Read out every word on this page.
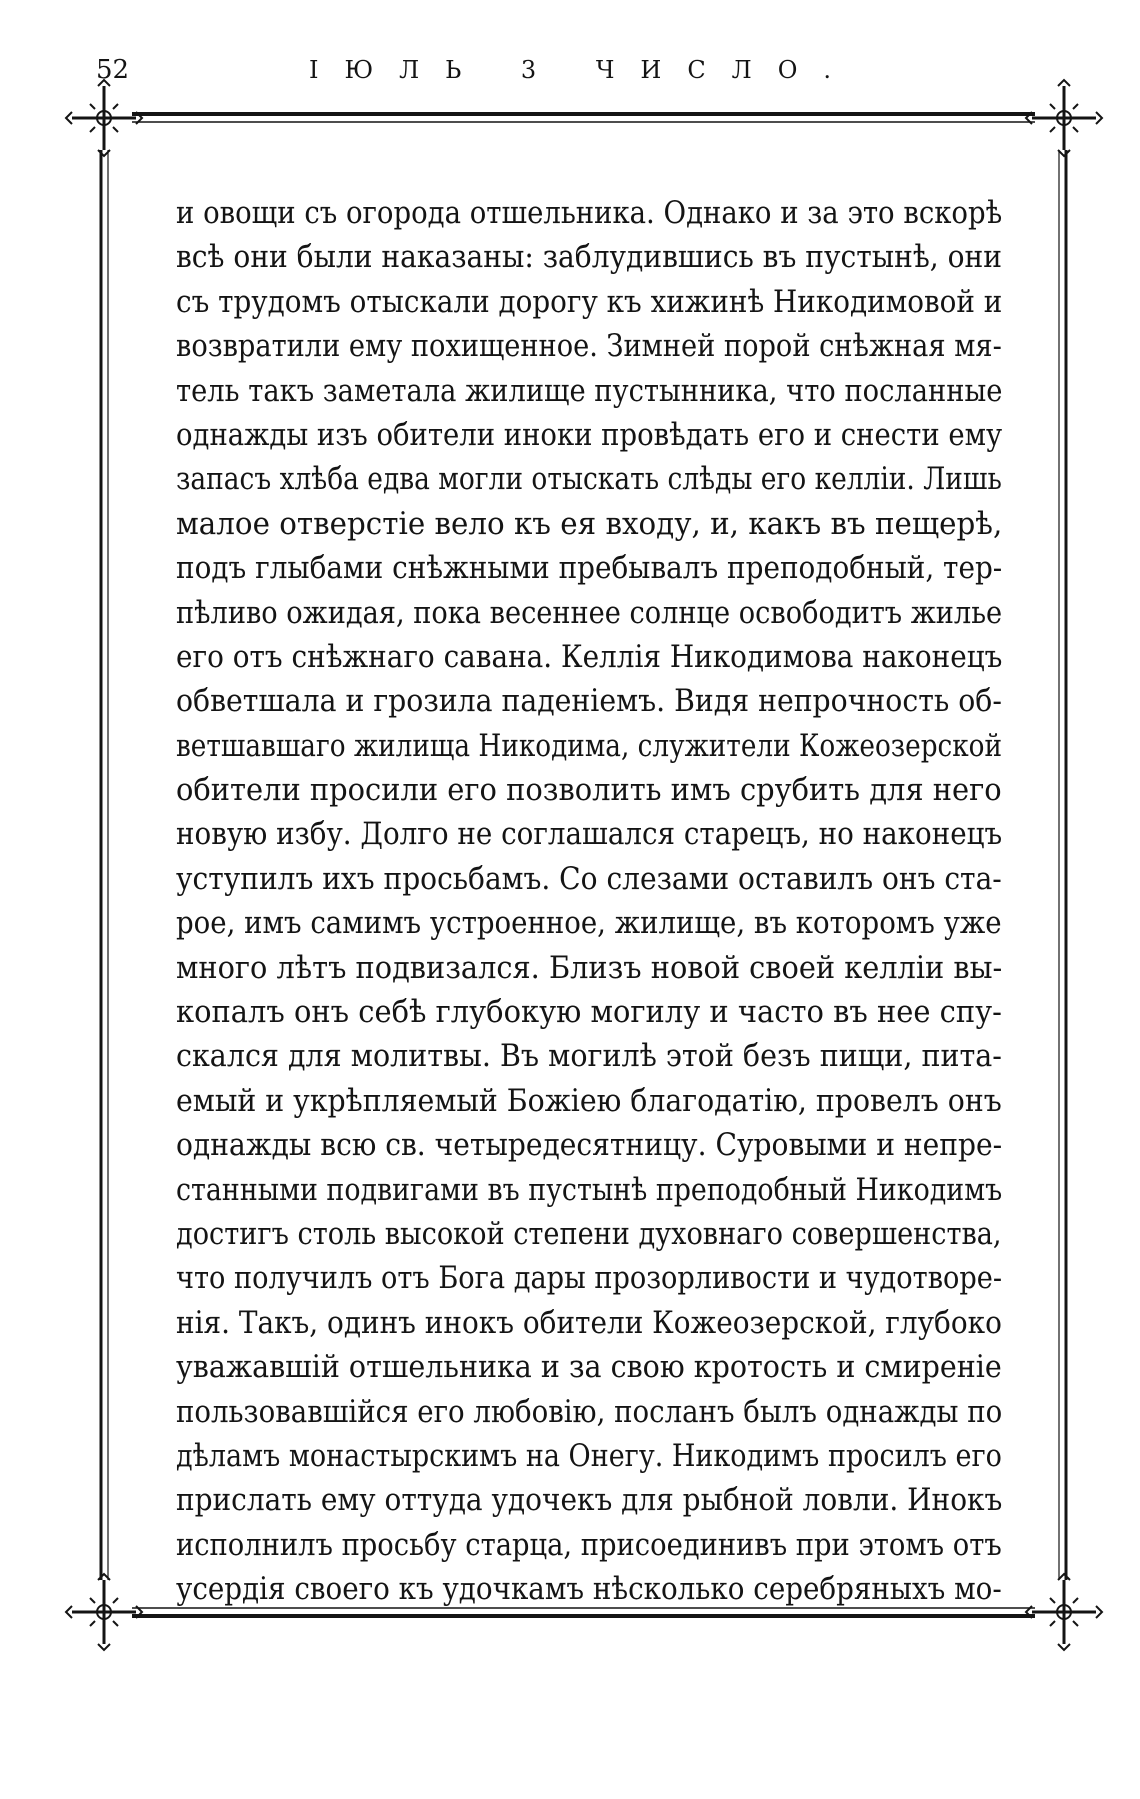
52	ІЮЛЬ 3 ЧИСЛО.
и овощи съ огорода отшельника. Однако и за это вскорѣ
всѣ они были наказаны: заблудившись въ пустынѣ, они
съ трудомъ отыскали дорогу къ хижинѣ Никодимовой и
возвратили ему похищенное. Зимней порой снѣжная мя-
тель такъ заметала жилище пустынника, что посланные
однажды изъ обители иноки провѣдать его и снести ему
запасъ хлѣба едва могли отыскать слѣды его келліи. Лишь
малое отверстіе вело къ ея входу, и, какъ въ пещерѣ,
подъ глыбами снѣжными пребывалъ преподобный, тер-
пѣливо ожидая, пока весеннее солнце освободитъ жилье
его отъ снѣжнаго савана. Келлія Никодимова наконецъ
обветшала и грозила паденіемъ. Видя непрочность об-
ветшавшаго жилища Никодима, служители Кожеозерской
обители просили его позволить имъ срубить для него
новую избу. Долго не соглашался старецъ, но наконецъ
уступилъ ихъ просьбамъ. Со слезами оставилъ онъ ста-
рое, имъ самимъ устроенное, жилище, въ которомъ уже
много лѣтъ подвизался. Близъ новой своей келліи вы-
копалъ онъ себѣ глубокую могилу и часто въ нее спу-
скался для молитвы. Въ могилѣ этой безъ пищи, пита-
емый и укрѣпляемый Божіею благодатію, провелъ онъ
однажды всю св. четыредесятницу. Суровыми и непре-
станными подвигами въ пустынѣ преподобный Никодимъ
достигъ столь высокой степени духовнаго совершенства,
что получилъ отъ Бога дары прозорливости и чудотворе-
нія. Такъ, одинъ инокъ обители Кожеозерской, глубоко
уважавшій отшельника и за свою кротость и смиреніе
пользовавшійся его любовію, посланъ былъ однажды по
дѣламъ монастырскимъ на Онегу. Никодимъ просилъ его
прислать ему оттуда удочекъ для рыбной ловли. Инокъ
исполнилъ просьбу старца, присоединивъ при этомъ отъ
усердія своего къ удочкамъ нѣсколько серебряныхъ мо-
